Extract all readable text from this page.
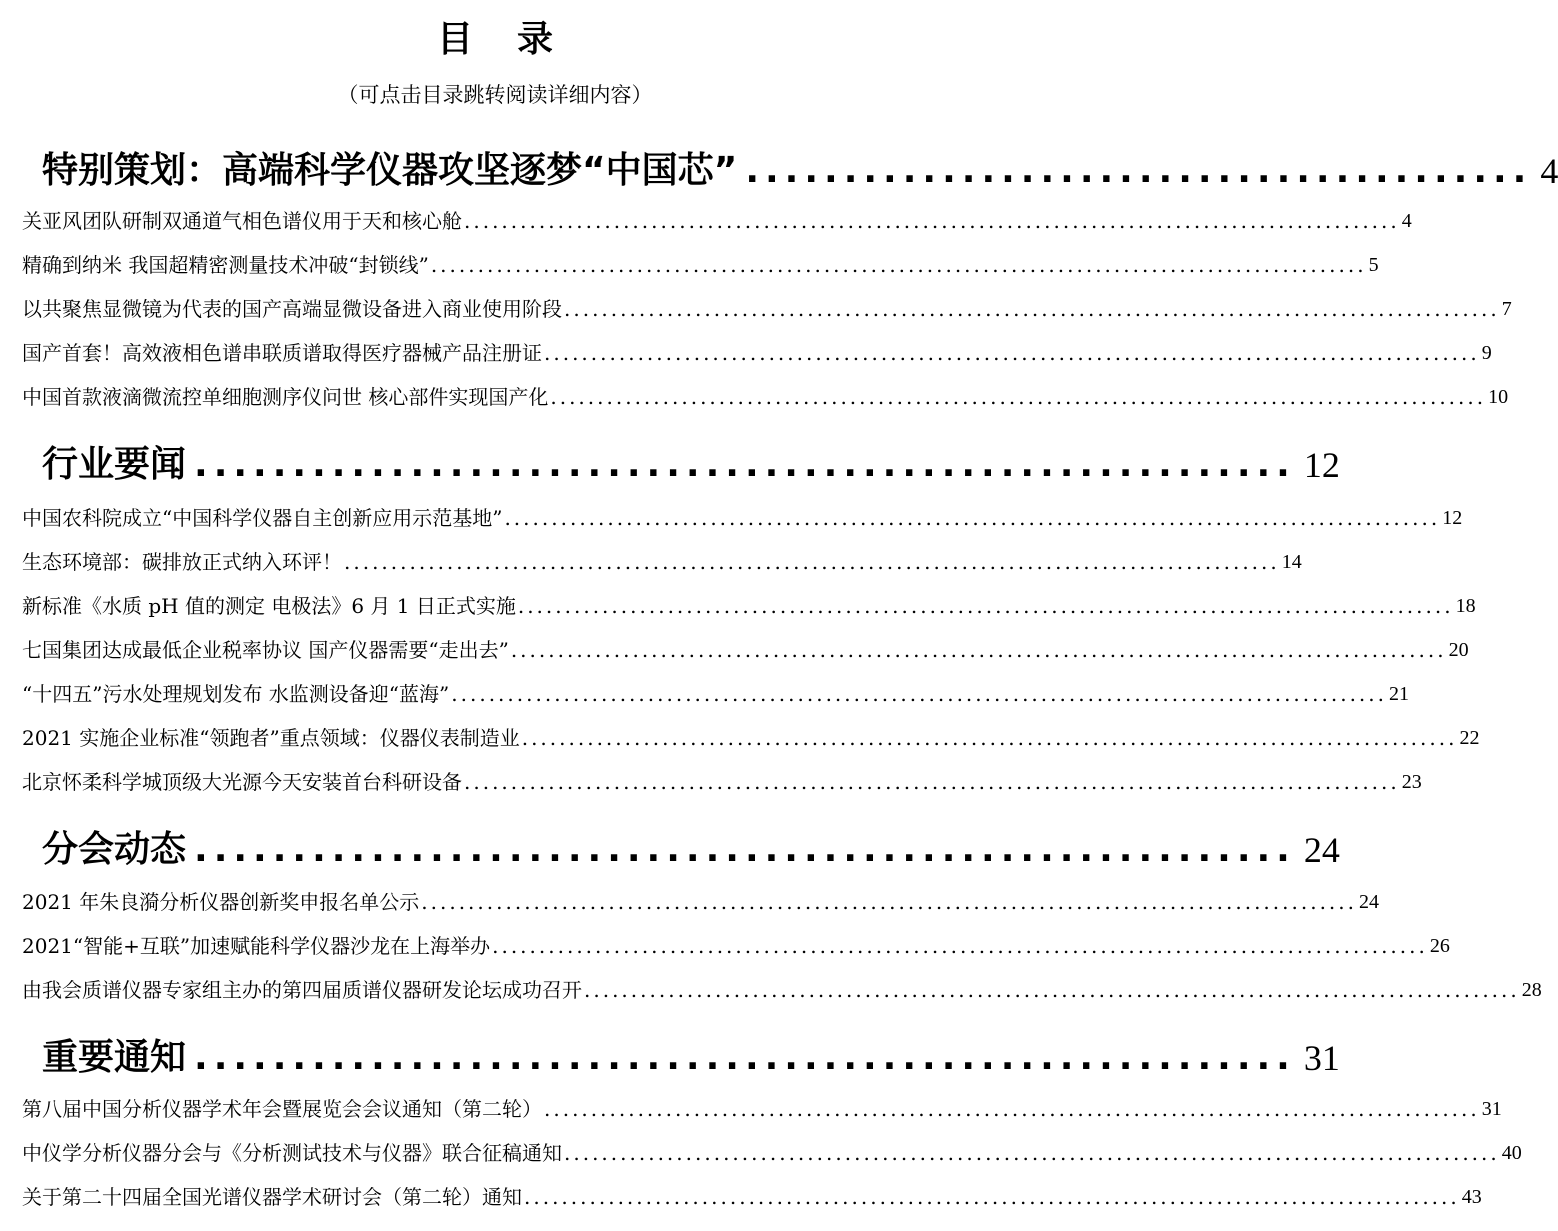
目录
（可点击目录跳转阅读详细内容）
特别策划：高端科学仪器攻坚逐梦“中国芯” ........................................ 4
关亚风团队研制双通道气相色谱仪用于天和核心舱 .................................................................................................... 4
精确到纳米 我国超精密测量技术冲破“封锁线” .................................................................................................... 5
以共聚焦显微镜为代表的国产高端显微设备进入商业使用阶段 .................................................................................................... 7
国产首套！高效液相色谱串联质谱取得医疗器械产品注册证 .................................................................................................... 9
中国首款液滴微流控单细胞测序仪问世 核心部件实现国产化 .................................................................................................... 10
行业要闻 ........................................................ 12
中国农科院成立“中国科学仪器自主创新应用示范基地” .................................................................................................... 12
生态环境部：碳排放正式纳入环评！ .................................................................................................... 14
新标准《水质 pH 值的测定 电极法》6 月 1 日正式实施 .................................................................................................... 18
七国集团达成最低企业税率协议 国产仪器需要“走出去” .................................................................................................... 20
“十四五”污水处理规划发布 水监测设备迎“蓝海” .................................................................................................... 21
2021 实施企业标准“领跑者”重点领域：仪器仪表制造业 .................................................................................................... 22
北京怀柔科学城顶级大光源今天安装首台科研设备 .................................................................................................... 23
分会动态 ........................................................ 24
2021 年朱良漪分析仪器创新奖申报名单公示 .................................................................................................... 24
2021“智能+互联”加速赋能科学仪器沙龙在上海举办 .................................................................................................... 26
由我会质谱仪器专家组主办的第四届质谱仪器研发论坛成功召开 .................................................................................................... 28
重要通知 ........................................................ 31
第八届中国分析仪器学术年会暨展览会会议通知（第二轮） .................................................................................................... 31
中仪学分析仪器分会与《分析测试技术与仪器》联合征稿通知 .................................................................................................... 40
关于第二十四届全国光谱仪器学术研讨会（第二轮）通知 .................................................................................................... 43
